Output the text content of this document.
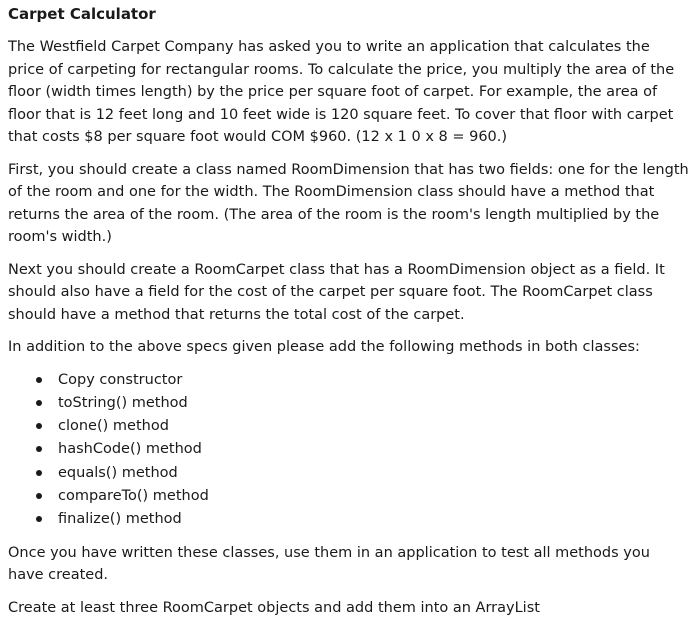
Carpet Calculator

The Westfield Carpet Company has asked you to write an application that calculates the price of carpeting for rectangular rooms. To calculate the price, you multiply the area of the floor (width times length) by the price per square foot of carpet. For example, the area of floor that is 12 feet long and 10 feet wide is 120 square feet. To cover that floor with carpet that costs $8 per square foot would COM $960. (12 x 1 0 x 8 = 960.)

First, you should create a class named RoomDimension that has two fields: one for the length of the room and one for the width. The RoomDimension class should have a method that returns the area of the room. (The area of the room is the room's length multiplied by the room's width.)

Next you should create a RoomCarpet class that has a RoomDimension object as a field. It should also have a field for the cost of the carpet per square foot. The RoomCarpet class should have a method that returns the total cost of the carpet.

In addition to the above specs given please add the following methods in both classes:

Copy constructor
toString() method
clone() method
hashCode() method
equals() method
compareTo() method
finalize() method

Once you have written these classes, use them in an application to test all methods you have created.

Create at least three RoomCarpet objects and add them into an ArrayList
